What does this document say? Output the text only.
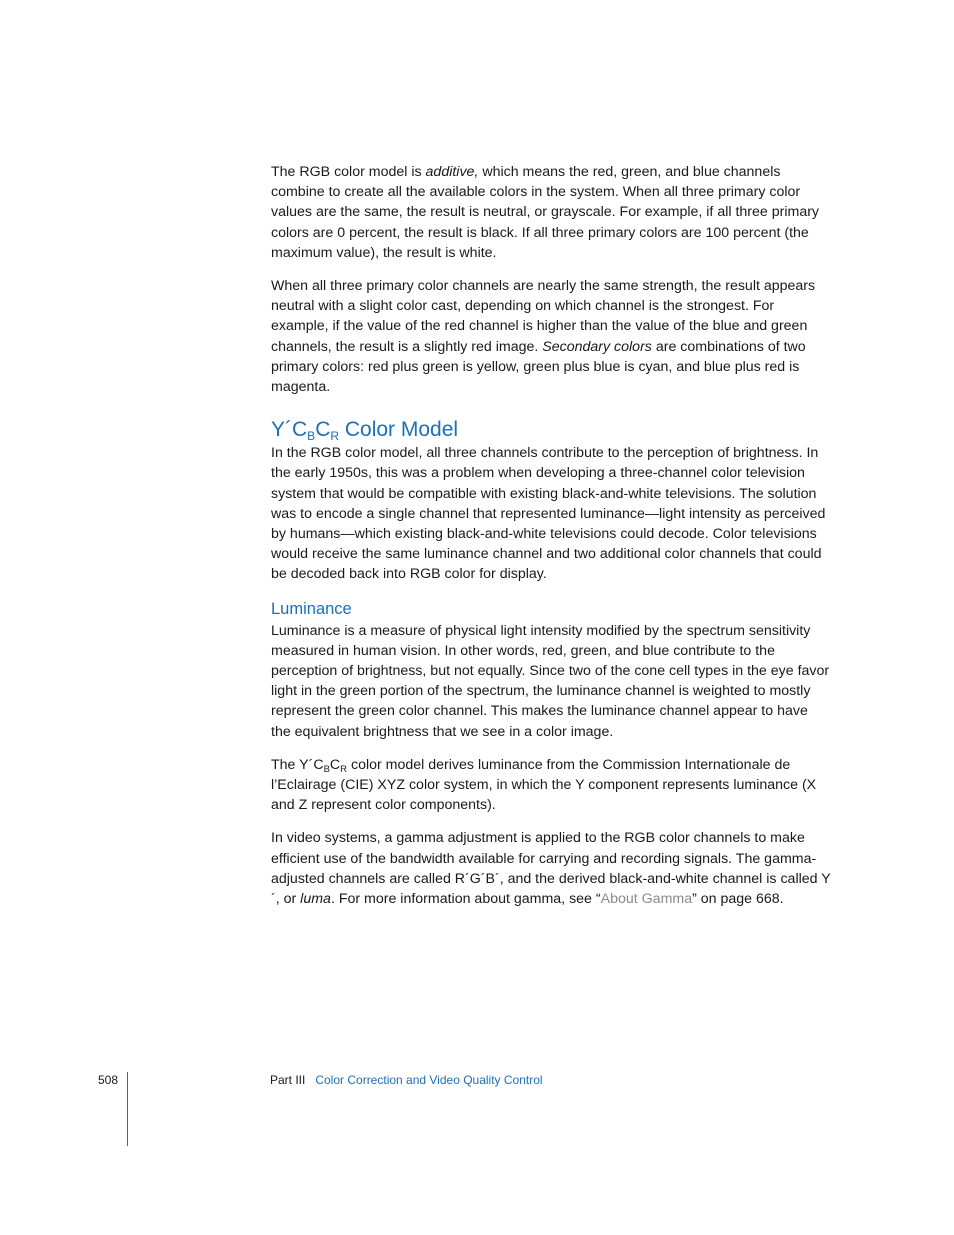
The RGB color model is additive, which means the red, green, and blue channels combine to create all the available colors in the system. When all three primary color values are the same, the result is neutral, or grayscale. For example, if all three primary colors are 0 percent, the result is black. If all three primary colors are 100 percent (the maximum value), the result is white.

When all three primary color channels are nearly the same strength, the result appears neutral with a slight color cast, depending on which channel is the strongest. For example, if the value of the red channel is higher than the value of the blue and green channels, the result is a slightly red image. Secondary colors are combinations of two primary colors: red plus green is yellow, green plus blue is cyan, and blue plus red is magenta.

$Y´C_BC_R$ Color Model

In the RGB color model, all three channels contribute to the perception of brightness. In the early 1950s, this was a problem when developing a three-channel color television system that would be compatible with existing black-and-white televisions. The solution was to encode a single channel that represented luminance—light intensity as perceived by humans—which existing black-and-white televisions could decode. Color televisions would receive the same luminance channel and two additional color channels that could be decoded back into RGB color for display.

Luminance

Luminance is a measure of physical light intensity modified by the spectrum sensitivity measured in human vision. In other words, red, green, and blue contribute to the perception of brightness, but not equally. Since two of the cone cell types in the eye favor light in the green portion of the spectrum, the luminance channel is weighted to mostly represent the green color channel. This makes the luminance channel appear to have the equivalent brightness that we see in a color image.

The $Y´C_BC_R$ color model derives luminance from the Commission Internationale de l’Eclairage (CIE) XYZ color system, in which the Y component represents luminance (X and Z represent color components).

In video systems, a gamma adjustment is applied to the RGB color channels to make efficient use of the bandwidth available for carrying and recording signals. The gamma-adjusted channels are called R´G´B´, and the derived black-and-white channel is called Y´, or luma. For more information about gamma, see “About Gamma” on page 668.

508	Part III Color Correction and Video Quality Control
